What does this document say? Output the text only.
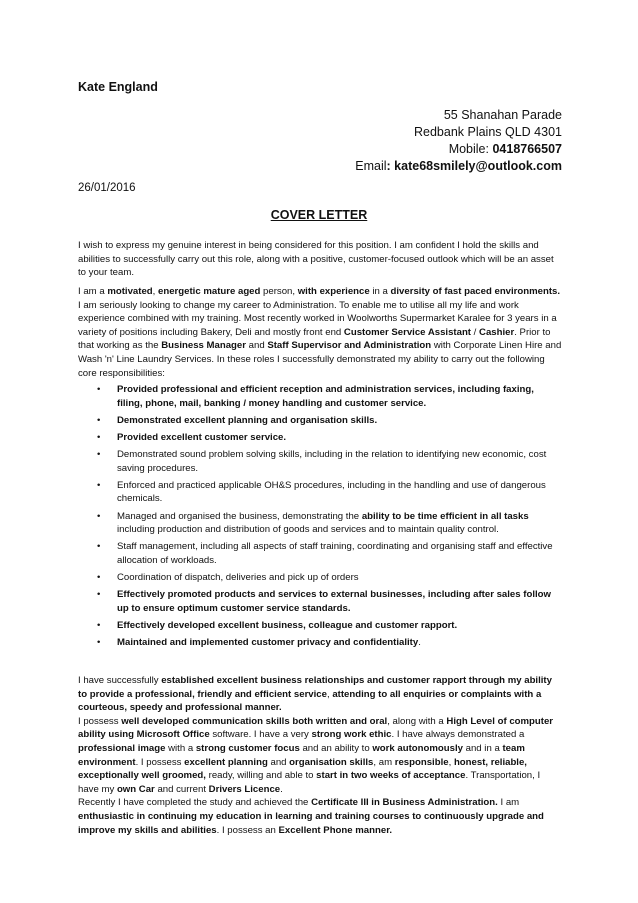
Kate England
55 Shanahan Parade
Redbank Plains QLD 4301
Mobile: 0418766507
Email: kate68smilely@outlook.com
26/01/2016
COVER LETTER
I wish to express my genuine interest in being considered for this position. I am confident I hold the skills and abilities to successfully carry out this role, along with a positive, customer-focused outlook which will be an asset to your team.
I am a motivated, energetic mature aged person, with experience in a diversity of fast paced environments. I am seriously looking to change my career to Administration. To enable me to utilise all my life and work experience combined with my training. Most recently worked in Woolworths Supermarket Karalee for 3 years in a variety of positions including Bakery, Deli and mostly front end Customer Service Assistant / Cashier. Prior to that working as the Business Manager and Staff Supervisor and Administration with Corporate Linen Hire and Wash 'n' Line Laundry Services. In these roles I successfully demonstrated my ability to carry out the following core responsibilities:
• Provided professional and efficient reception and administration services, including faxing, filing, phone, mail, banking / money handling and customer service.
• Demonstrated excellent planning and organisation skills.
• Provided excellent customer service.
• Demonstrated sound problem solving skills, including in the relation to identifying new economic, cost saving procedures.
• Enforced and practiced applicable OH&S procedures, including in the handling and use of dangerous chemicals.
• Managed and organised the business, demonstrating the ability to be time efficient in all tasks including production and distribution of goods and services and to maintain quality control.
• Staff management, including all aspects of staff training, coordinating and organising staff and effective allocation of workloads.
• Coordination of dispatch, deliveries and pick up of orders
• Effectively promoted products and services to external businesses, including after sales follow up to ensure optimum customer service standards.
• Effectively developed excellent business, colleague and customer rapport.
• Maintained and implemented customer privacy and confidentiality.

I have successfully established excellent business relationships and customer rapport through my ability to provide a professional, friendly and efficient service, attending to all enquiries or complaints with a courteous, speedy and professional manner.

I possess well developed communication skills both written and oral, along with a High Level of computer ability using Microsoft Office software. I have a very strong work ethic. I have always demonstrated a professional image with a strong customer focus and an ability to work autonomously and in a team environment. I possess excellent planning and organisation skills, am responsible, honest, reliable, exceptionally well groomed, ready, willing and able to start in two weeks of acceptance. Transportation, I have my own Car and current Drivers Licence.

Recently I have completed the study and achieved the Certificate III in Business Administration. I am enthusiastic in continuing my education in learning and training courses to continuously upgrade and improve my skills and abilities. I possess an Excellent Phone manner.
